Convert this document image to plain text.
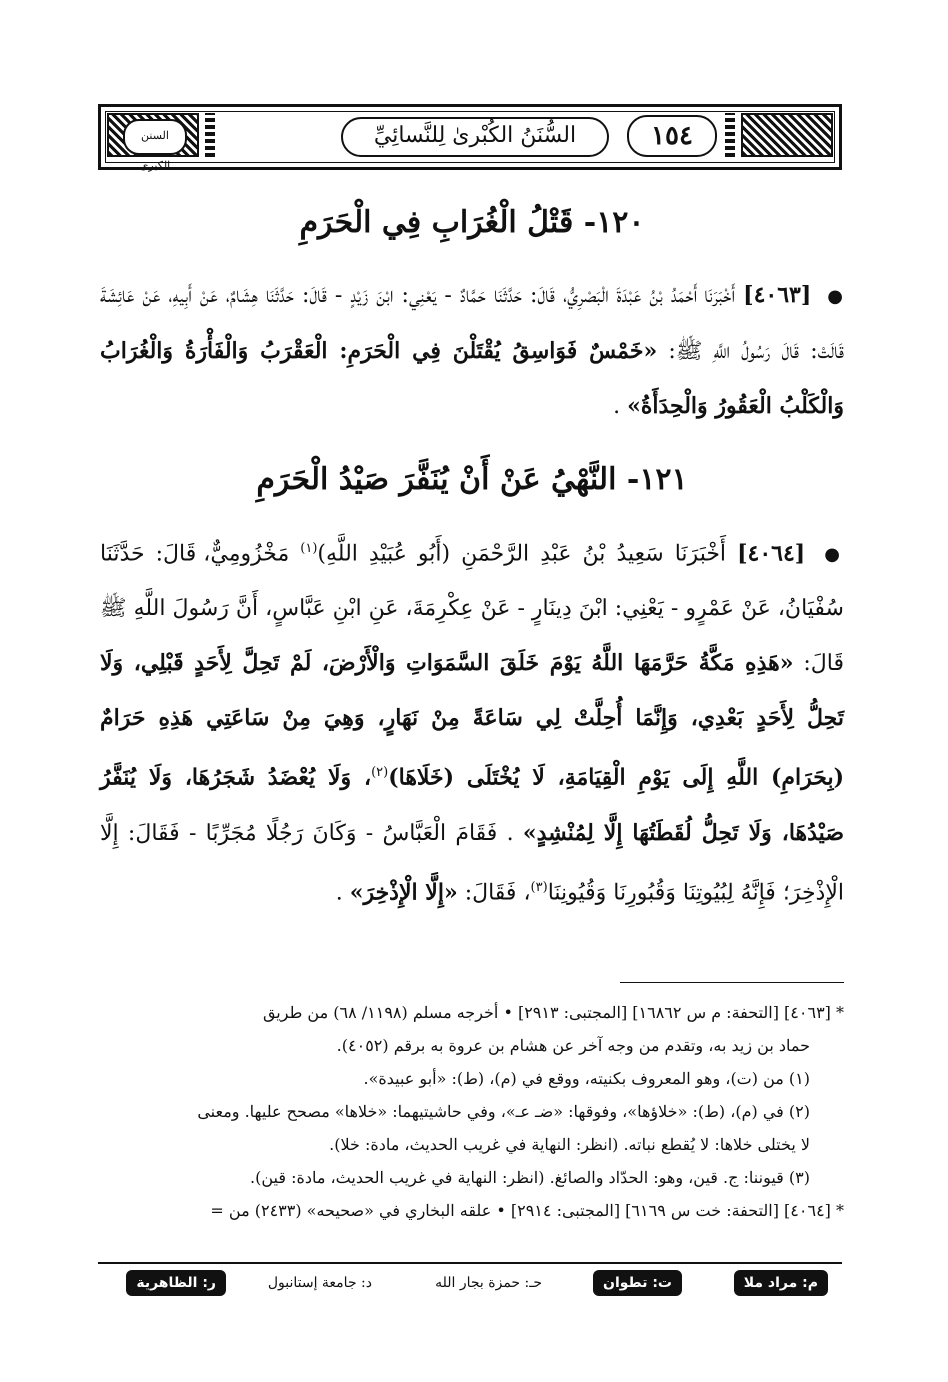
السنن الكبرى
السُّنَنُ الكُبْرىٰ لِلنَّسائِيِّ	١٥٤
١٢٠- قَتْلُ الْغُرَابِ فِي الْحَرَمِ
● [٤٠٦٣] أَخْبَرَنَا أَحْمَدُ بْنُ عَبْدَةَ الْبَصْرِيُّ، قَالَ: حَدَّثَنَا حَمَّادٌ - يَعْنِي: ابْنَ زَيْدٍ - قَالَ: حَدَّثَنَا هِشَامٌ، عَنْ أَبِيهِ، عَنْ عَائِشَةَ قَالَتْ: قَالَ رَسُولُ اللَّهِ ﷺ: «خَمْسٌ فَوَاسِقُ يُقْتَلْنَ فِي الْحَرَمِ: الْعَقْرَبُ وَالْفَأْرَةُ وَالْغُرَابُ وَالْكَلْبُ الْعَقُورُ وَالْحِدَأَةُ» .
١٢١- النَّهْيُ عَنْ أَنْ يُنَفَّرَ صَيْدُ الْحَرَمِ
● [٤٠٦٤] أَخْبَرَنَا سَعِيدُ بْنُ عَبْدِ الرَّحْمَنِ (أَبُو عُبَيْدِ اللَّهِ)$^{(١)}$ مَخْزُومِيٌّ، قَالَ: حَدَّثَنَا سُفْيَانُ، عَنْ عَمْرٍو - يَعْنِي: ابْنَ دِينَارٍ - عَنْ عِكْرِمَةَ، عَنِ ابْنِ عَبَّاسٍ، أَنَّ رَسُولَ اللَّهِ ﷺ قَالَ: «هَذِهِ مَكَّةُ حَرَّمَهَا اللَّهُ يَوْمَ خَلَقَ السَّمَوَاتِ وَالْأَرْضَ، لَمْ تَحِلَّ لِأَحَدٍ قَبْلِي، وَلَا تَحِلُّ لِأَحَدٍ بَعْدِي، وَإِنَّمَا أُحِلَّتْ لِي سَاعَةً مِنْ نَهَارٍ، وَهِيَ مِنْ سَاعَتِي هَذِهِ حَرَامٌ (بِحَرَامِ) اللَّهِ إِلَى يَوْمِ الْقِيَامَةِ، لَا يُخْتَلَى (خَلَاهَا)$^{(٢)}$، وَلَا يُعْضَدُ شَجَرُهَا، وَلَا يُنَفَّرُ صَيْدُهَا، وَلَا تَحِلُّ لُقَطَتُهَا إِلَّا لِمُنْشِدٍ» . فَقَامَ الْعَبَّاسُ - وَكَانَ رَجُلًا مُجَرِّبًا - فَقَالَ: إِلَّا الْإِذْخِرَ؛ فَإِنَّهُ لِبُيُوتِنَا وَقُبُورِنَا وَقُيُونِنَا$^{(٣)}$، فَقَالَ: «إِلَّا الْإِذْخِرَ» .

* [٤٠٦٣] [التحفة: م س ١٦٨٦٢] [المجتبى: ٢٩١٣] • أخرجه مسلم (١١٩٨/ ٦٨) من طريق

حماد بن زيد به، وتقدم من وجه آخر عن هشام بن عروة به برقم (٤٠٥٢).

(١) من (ت)، وهو المعروف بكنيته، ووقع في (م)، (ط): «أبو عبيدة».

(٢) في (م)، (ط): «خلاؤها»، وفوقها: «ضـ عـ»، وفي حاشيتيهما: «خلاها» مصحح عليها. ومعنى

لا يختلى خلاها: لا يُقطع نباته. (انظر: النهاية في غريب الحديث، مادة: خلا).

(٣) قيوننا: ج. قين، وهو: الحدّاد والصائغ. (انظر: النهاية في غريب الحديث، مادة: قين).

* [٤٠٦٤] [التحفة: خت س ٦١٦٩] [المجتبى: ٢٩١٤] • علقه البخاري في «صحيحه» (٢٤٣٣) من =

م: مراد ملا
ت: تطوان
حـ: حمزة بجار الله
د: جامعة إستانبول
ر: الظاهرية
